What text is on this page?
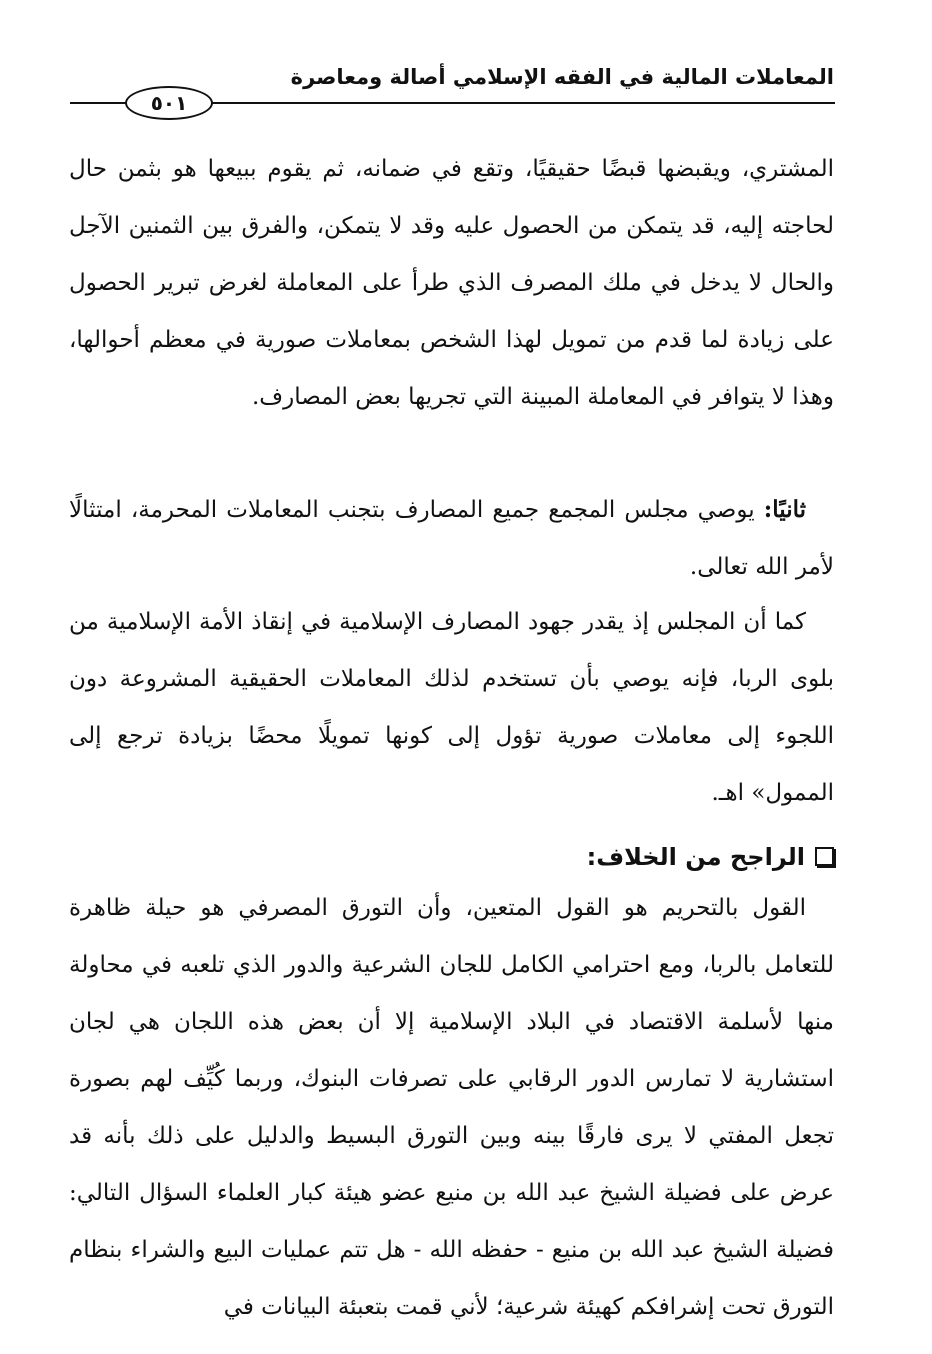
المعاملات المالية في الفقه الإسلامي أصالة ومعاصرة
٥٠١

المشتري، ويقبضها قبضًا حقيقيًا، وتقع في ضمانه، ثم يقوم ببيعها هو بثمن حال لحاجته إليه، قد يتمكن من الحصول عليه وقد لا يتمكن، والفرق بين الثمنين الآجل والحال لا يدخل في ملك المصرف الذي طرأ على المعاملة لغرض تبرير الحصول على زيادة لما قدم من تمويل لهذا الشخص بمعاملات صورية في معظم أحوالها، وهذا لا يتوافر في المعاملة المبينة التي تجريها بعض المصارف.

ثانيًا: يوصي مجلس المجمع جميع المصارف بتجنب المعاملات المحرمة، امتثالًا لأمر الله تعالى.

كما أن المجلس إذ يقدر جهود المصارف الإسلامية في إنقاذ الأمة الإسلامية من بلوى الربا، فإنه يوصي بأن تستخدم لذلك المعاملات الحقيقية المشروعة دون اللجوء إلى معاملات صورية تؤول إلى كونها تمويلًا محضًا بزيادة ترجع إلى الممول» اهـ.

الراجح من الخلاف:

القول بالتحريم هو القول المتعين، وأن التورق المصرفي هو حيلة ظاهرة للتعامل بالربا، ومع احترامي الكامل للجان الشرعية والدور الذي تلعبه في محاولة منها لأسلمة الاقتصاد في البلاد الإسلامية إلا أن بعض هذه اللجان هي لجان استشارية لا تمارس الدور الرقابي على تصرفات البنوك، وربما كُيِّف لهم بصورة تجعل المفتي لا يرى فارقًا بينه وبين التورق البسيط والدليل على ذلك بأنه قد عرض على فضيلة الشيخ عبد الله بن منيع عضو هيئة كبار العلماء السؤال التالي: فضيلة الشيخ عبد الله بن منيع - حفظه الله - هل تتم عمليات البيع والشراء بنظام التورق تحت إشرافكم كهيئة شرعية؛ لأني قمت بتعبئة البيانات في
